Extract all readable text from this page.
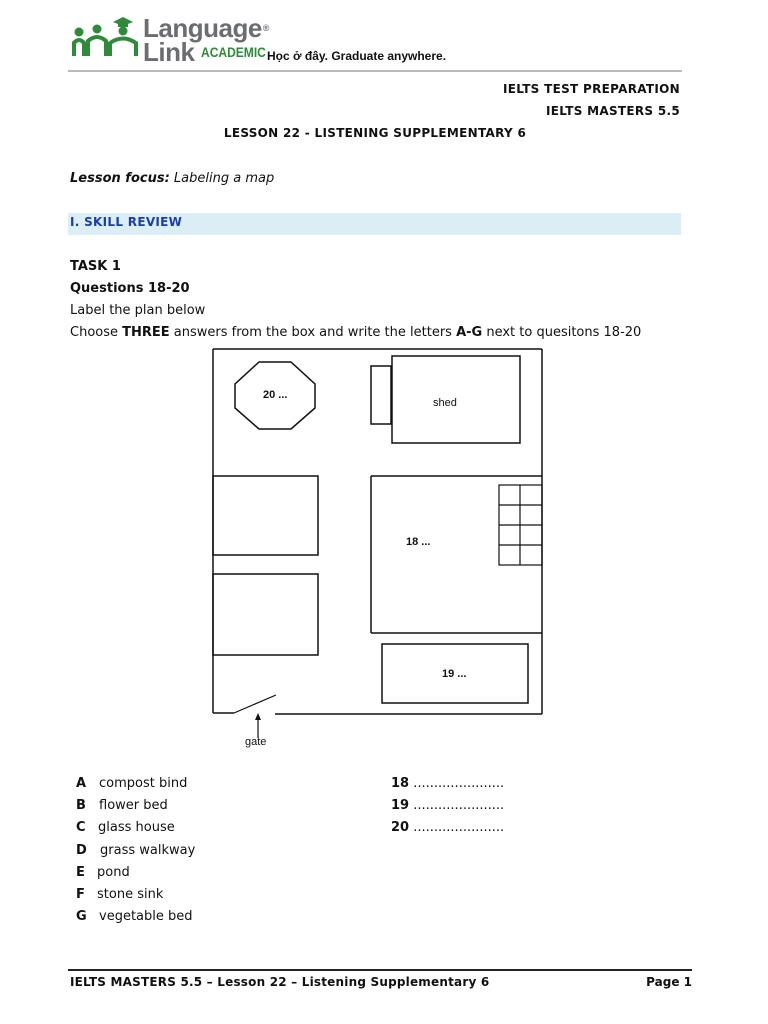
Language®
Link ACADEMIC Học ở đây. Graduate anywhere.
IELTS TEST PREPARATION
IELTS MASTERS 5.5
LESSON 22 - LISTENING SUPPLEMENTARY 6
Lesson focus: Labeling a map
I. SKILL REVIEW
TASK 1
Questions 18-20
Label the plan below
Choose THREE answers from the box and write the letters A-G next to quesitons 18-20
gate
20 ...
shed
18 ...
19 ...
A compost bind
B flower bed
C glass house
D grass walkway
E pond
F stone sink
G vegetable bed
18 ......................
19 ......................
20 ......................
IELTS MASTERS 5.5 – Lesson 22 – Listening Supplementary 6	Page 1
